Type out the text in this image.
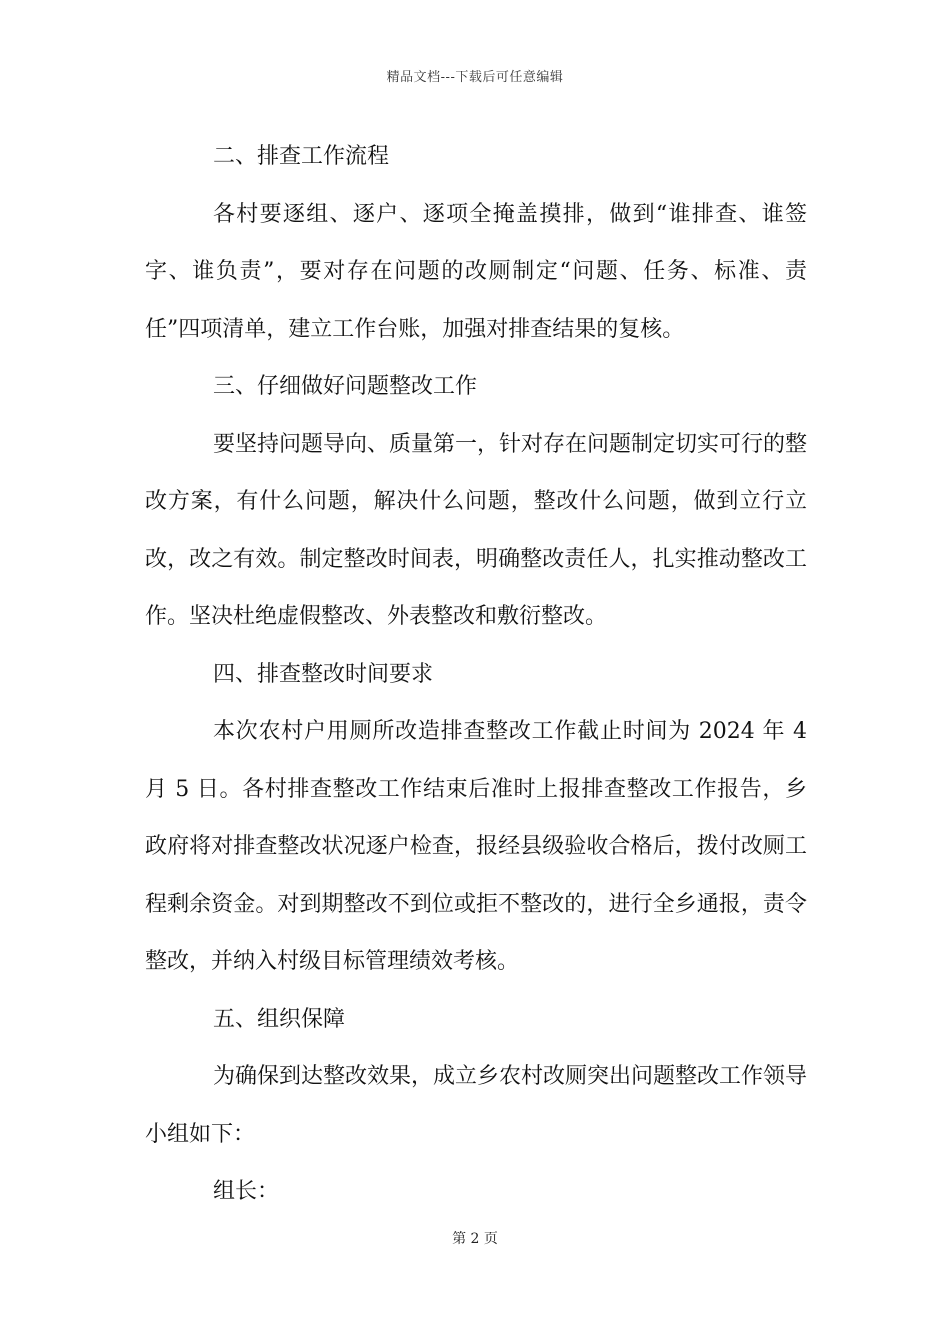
精品文档---下载后可任意编辑

二、排查工作流程

各村要逐组、逐户、逐项全掩盖摸排，做到“谁排查、谁签字、谁负责”，要对存在问题的改厕制定“问题、任务、标准、责任”四项清单，建立工作台账，加强对排查结果的复核。

三、仔细做好问题整改工作

要坚持问题导向、质量第一，针对存在问题制定切实可行的整改方案，有什么问题，解决什么问题，整改什么问题，做到立行立改，改之有效。制定整改时间表，明确整改责任人，扎实推动整改工作。坚决杜绝虚假整改、外表整改和敷衍整改。

四、排查整改时间要求

本次农村户用厕所改造排查整改工作截止时间为 2024 年 4 月 5 日。各村排查整改工作结束后准时上报排查整改工作报告，乡政府将对排查整改状况逐户检查，报经县级验收合格后，拨付改厕工程剩余资金。对到期整改不到位或拒不整改的，进行全乡通报，责令整改，并纳入村级目标管理绩效考核。

五、组织保障

为确保到达整改效果，成立乡农村改厕突出问题整改工作领导小组如下：

组长：

第 2 页
